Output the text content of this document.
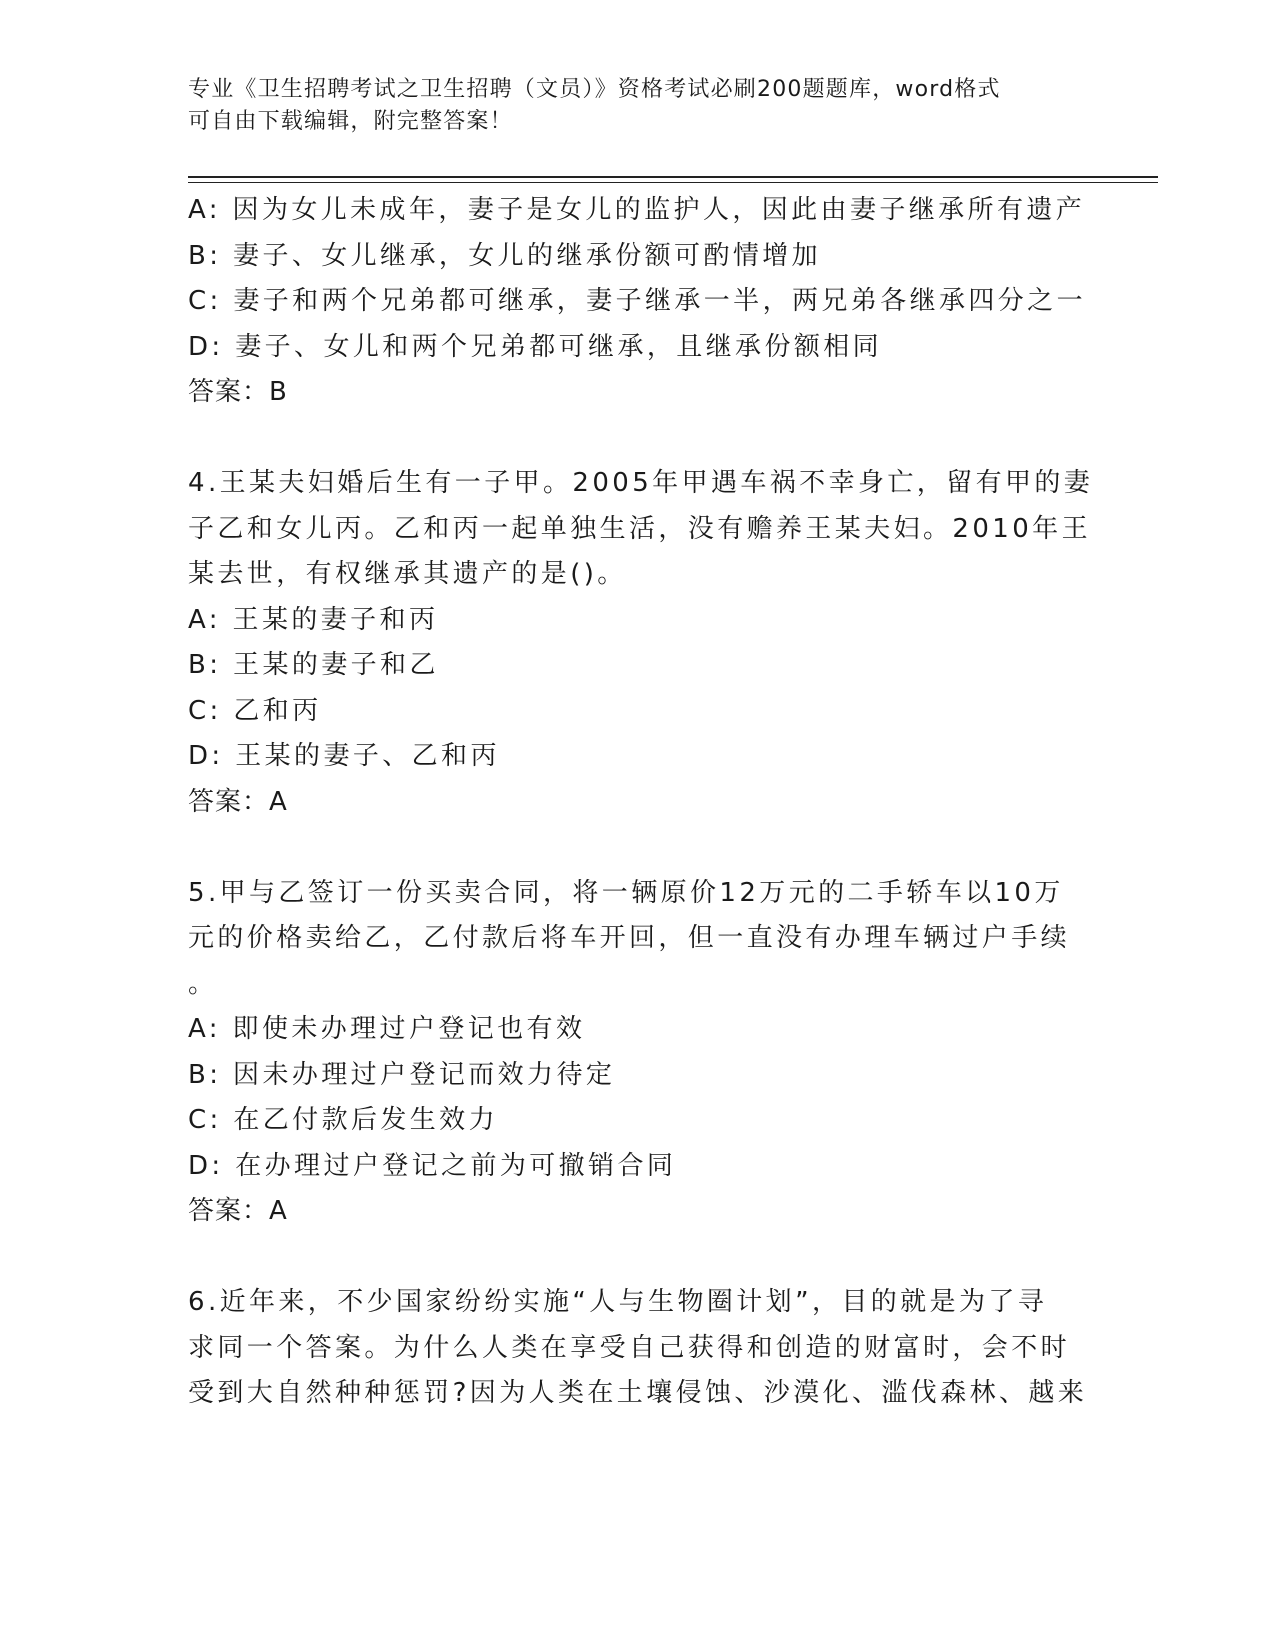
专业《卫生招聘考试之卫生招聘（文员）》资格考试必刷200题题库，word格式
可自由下载编辑，附完整答案！
A: 因为女儿未成年，妻子是女儿的监护人，因此由妻子继承所有遗产
B: 妻子、女儿继承，女儿的继承份额可酌情增加
C: 妻子和两个兄弟都可继承，妻子继承一半，两兄弟各继承四分之一
D: 妻子、女儿和两个兄弟都可继承，且继承份额相同
答案：B
4.王某夫妇婚后生有一子甲。2005年甲遇车祸不幸身亡，留有甲的妻
子乙和女儿丙。乙和丙一起单独生活，没有赡养王某夫妇。2010年王
某去世，有权继承其遗产的是()。
A: 王某的妻子和丙
B: 王某的妻子和乙
C: 乙和丙
D: 王某的妻子、乙和丙
答案：A
5.甲与乙签订一份买卖合同，将一辆原价12万元的二手轿车以10万
元的价格卖给乙，乙付款后将车开回，但一直没有办理车辆过户手续
。
A: 即使未办理过户登记也有效
B: 因未办理过户登记而效力待定
C: 在乙付款后发生效力
D: 在办理过户登记之前为可撤销合同
答案：A
6.近年来，不少国家纷纷实施“人与生物圈计划”，目的就是为了寻
求同一个答案。为什么人类在享受自己获得和创造的财富时，会不时
受到大自然种种惩罚?因为人类在土壤侵蚀、沙漠化、滥伐森林、越来
